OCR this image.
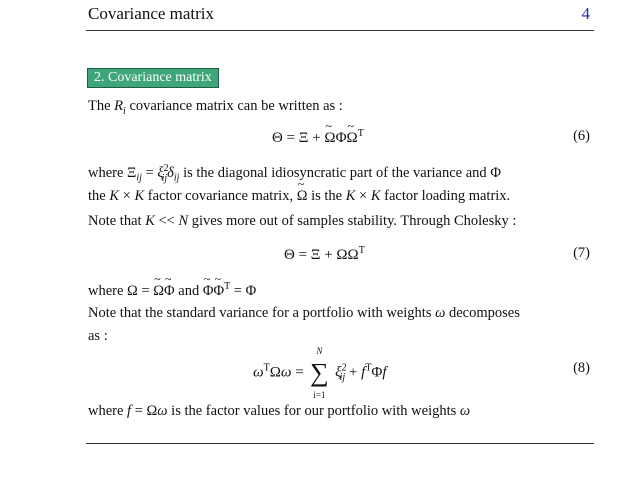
Covariance matrix	4
2. Covariance matrix
The $R_i$ covariance matrix can be written as :
Θ = Ξ + ~ ΩΦ~ $\Omega^T$	(6)
where $\Xi_{ij} = \xi^2_{ij}\delta_{ij}$ is the diagonal idiosyncratic part of the variance and Φ
the K × K factor covariance matrix, ~ Ω is the K × K factor loading matrix.
Note that K << N gives more out of samples stability. Through Cholesky :
$\Theta = \Xi + \Omega\Omega^T$	(7)
where Ω = ~ Ω~ Φ and ~ Φ~ $\Phi^T = \Phi$
Note that the standard variance for a portfolio with weights ω decomposes
as :
$\omega^T\Omega\omega$ =
N
∑
i=1
$\xi^2_{ij} + f^T\Phi f$	(8)
where f = Ωω is the factor values for our portfolio with weights ω
